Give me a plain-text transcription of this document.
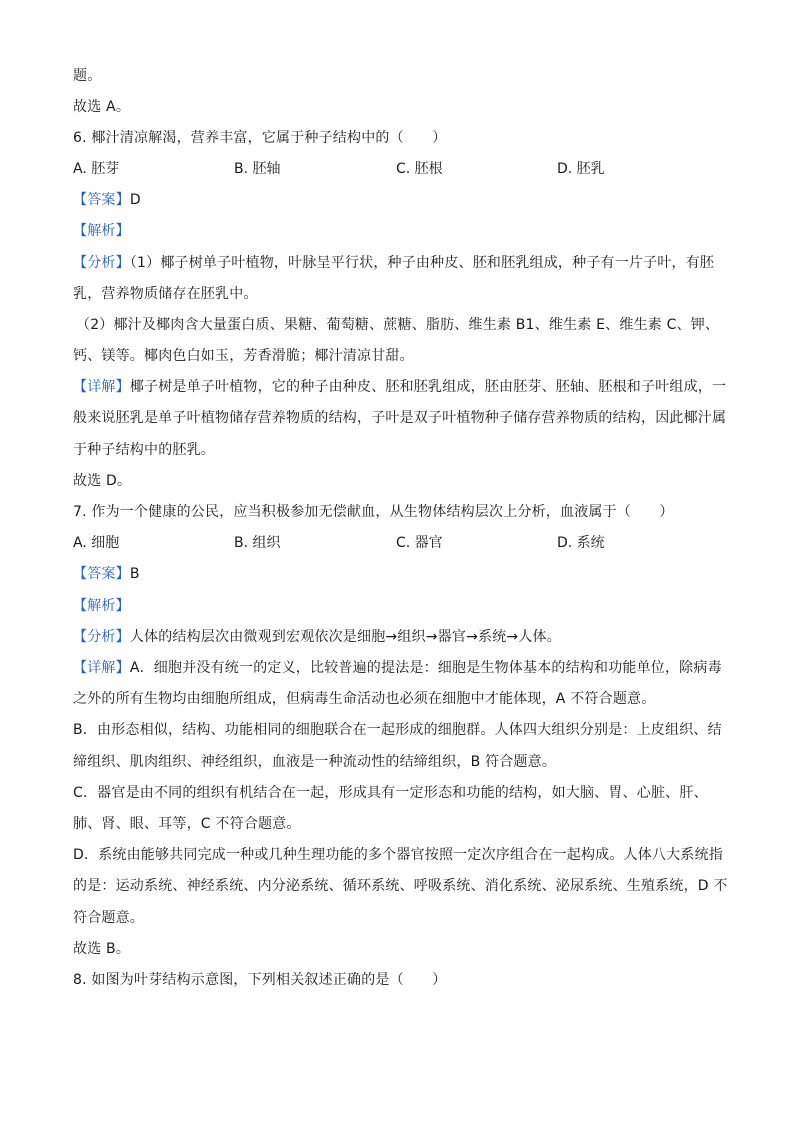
题。
故选 A。
6. 椰汁清凉解渴，营养丰富，它属于种子结构中的（　　）
A. 胚芽	B. 胚轴	C. 胚根	D. 胚乳
【答案】D
【解析】
【分析】（1）椰子树单子叶植物，叶脉呈平行状，种子由种皮、胚和胚乳组成，种子有一片子叶，有胚
乳，营养物质储存在胚乳中。
（2）椰汁及椰肉含大量蛋白质、果糖、葡萄糖、蔗糖、脂肪、维生素 B1、维生素 E、维生素 C、钾、
钙、镁等。椰肉色白如玉，芳香滑脆；椰汁清凉甘甜。
【详解】椰子树是单子叶植物，它的种子由种皮、胚和胚乳组成，胚由胚芽、胚轴、胚根和子叶组成，一
般来说胚乳是单子叶植物储存营养物质的结构，子叶是双子叶植物种子储存营养物质的结构，因此椰汁属
于种子结构中的胚乳。
故选 D。
7. 作为一个健康的公民，应当积极参加无偿献血，从生物体结构层次上分析，血液属于（　　）
A. 细胞	B. 组织	C. 器官	D. 系统
【答案】B
【解析】
【分析】人体的结构层次由微观到宏观依次是细胞→组织→器官→系统→人体。
【详解】A．细胞并没有统一的定义，比较普遍的提法是：细胞是生物体基本的结构和功能单位，除病毒
之外的所有生物均由细胞所组成，但病毒生命活动也必须在细胞中才能体现，A 不符合题意。
B．由形态相似，结构、功能相同的细胞联合在一起形成的细胞群。人体四大组织分别是：上皮组织、结
缔组织、肌肉组织、神经组织，血液是一种流动性的结缔组织，B 符合题意。
C．器官是由不同的组织有机结合在一起，形成具有一定形态和功能的结构，如大脑、胃、心脏、肝、
肺、肾、眼、耳等，C 不符合题意。
D．系统由能够共同完成一种或几种生理功能的多个器官按照一定次序组合在一起构成。人体八大系统指
的是：运动系统、神经系统、内分泌系统、循环系统、呼吸系统、消化系统、泌尿系统、生殖系统，D 不
符合题意。
故选 B。
8. 如图为叶芽结构示意图，下列相关叙述正确的是（　　）
